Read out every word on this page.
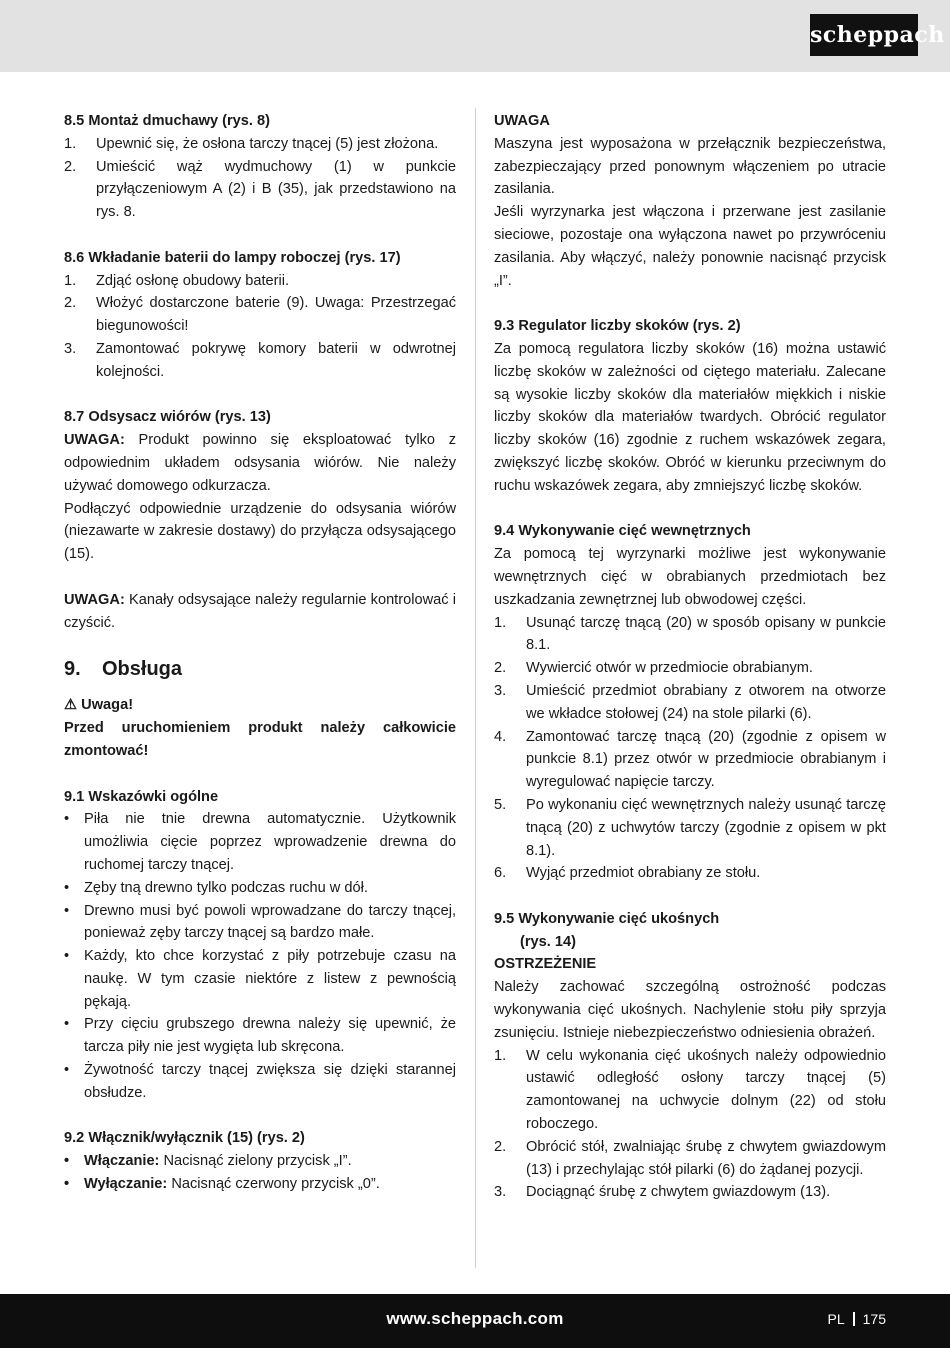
scheppach
8.5 Montaż dmuchawy (rys. 8)
1. Upewnić się, że osłona tarczy tnącej (5) jest złożona.
2. Umieścić wąż wydmuchowy (1) w punkcie przyłączeniowym A (2) i B (35), jak przedstawiono na rys. 8.
8.6 Wkładanie baterii do lampy roboczej (rys. 17)
1. Zdjąć osłonę obudowy baterii.
2. Włożyć dostarczone baterie (9). Uwaga: Przestrzegać biegunowości!
3. Zamontować pokrywę komory baterii w odwrotnej kolejności.
8.7 Odsysacz wiórów (rys. 13)

UWAGA: Produkt powinno się eksploatować tylko z odpowiednim układem odsysania wiórów. Nie należy używać domowego odkurzacza.

Podłączyć odpowiednie urządzenie do odsysania wiórów (niezawarte w zakresie dostawy) do przyłącza odsysającego (15).

UWAGA: Kanały odsysające należy regularnie kontrolować i czyścić.

9. Obsługa
⚠ Uwaga!

Przed uruchomieniem produkt należy całkowicie zmontować!

9.1 Wskazówki ogólne
• Piła nie tnie drewna automatycznie. Użytkownik umożliwia cięcie poprzez wprowadzenie drewna do ruchomej tarczy tnącej.
• Zęby tną drewno tylko podczas ruchu w dół.
• Drewno musi być powoli wprowadzane do tarczy tnącej, ponieważ zęby tarczy tnącej są bardzo małe.
• Każdy, kto chce korzystać z piły potrzebuje czasu na naukę. W tym czasie niektóre z listew z pewnością pękają.
• Przy cięciu grubszego drewna należy się upewnić, że tarcza piły nie jest wygięta lub skręcona.
• Żywotność tarczy tnącej zwiększa się dzięki starannej obsłudze.
9.2 Włącznik/wyłącznik (15) (rys. 2)
• Włączanie: Nacisnąć zielony przycisk „I”.
• Wyłączanie: Nacisnąć czerwony przycisk „0”.
UWAGA

Maszyna jest wyposażona w przełącznik bezpieczeństwa, zabezpieczający przed ponownym włączeniem po utracie zasilania.

Jeśli wyrzynarka jest włączona i przerwane jest zasilanie sieciowe, pozostaje ona wyłączona nawet po przywróceniu zasilania. Aby włączyć, należy ponownie nacisnąć przycisk „I”.

9.3 Regulator liczby skoków (rys. 2)

Za pomocą regulatora liczby skoków (16) można ustawić liczbę skoków w zależności od ciętego materiału. Zalecane są wysokie liczby skoków dla materiałów miękkich i niskie liczby skoków dla materiałów twardych. Obrócić regulator liczby skoków (16) zgodnie z ruchem wskazówek zegara, zwiększyć liczbę skoków. Obróć w kierunku przeciwnym do ruchu wskazówek zegara, aby zmniejszyć liczbę skoków.

9.4 Wykonywanie cięć wewnętrznych

Za pomocą tej wyrzynarki możliwe jest wykonywanie wewnętrznych cięć w obrabianych przedmiotach bez uszkadzania zewnętrznej lub obwodowej części.

1. Usunąć tarczę tnącą (20) w sposób opisany w punkcie 8.1.
2. Wywiercić otwór w przedmiocie obrabianym.
3. Umieścić przedmiot obrabiany z otworem na otworze we wkładce stołowej (24) na stole pilarki (6).
4. Zamontować tarczę tnącą (20) (zgodnie z opisem w punkcie 8.1) przez otwór w przedmiocie obrabianym i wyregulować napięcie tarczy.
5. Po wykonaniu cięć wewnętrznych należy usunąć tarczę tnącą (20) z uchwytów tarczy (zgodnie z opisem w pkt 8.1).
6. Wyjąć przedmiot obrabiany ze stołu.
9.5 Wykonywanie cięć ukośnych
(rys. 14)
OSTRZEŻENIE

Należy zachować szczególną ostrożność podczas wykonywania cięć ukośnych. Nachylenie stołu piły sprzyja zsunięciu. Istnieje niebezpieczeństwo odniesienia obrażeń.

1. W celu wykonania cięć ukośnych należy odpowiednio ustawić odległość osłony tarczy tnącej (5) zamontowanej na uchwycie dolnym (22) od stołu roboczego.
2. Obrócić stół, zwalniając śrubę z chwytem gwiazdowym (13) i przechylając stół pilarki (6) do żądanej pozycji.
3. Dociągnąć śrubę z chwytem gwiazdowym (13).
www.scheppach.com	PL 175
